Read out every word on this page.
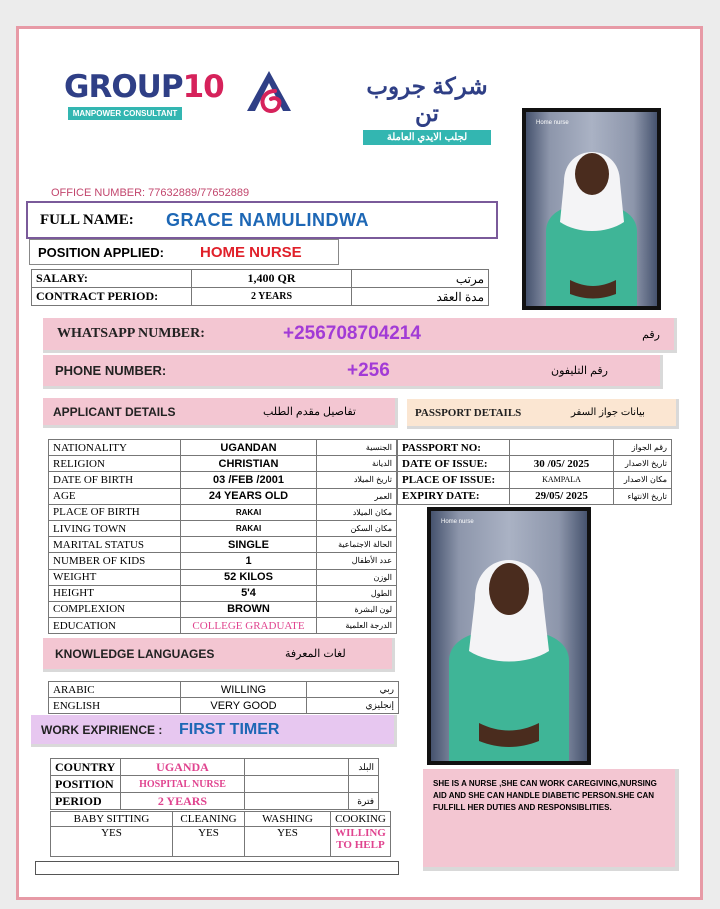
GROUP10
MANPOWER CONSULTANT
شركة جروب تن
لجلب الايدي العاملة
Home nurse
OFFICE NUMBER: 77632889/77652889
FULL NAME:	GRACE NAMULINDWA
POSITION APPLIED:	HOME NURSE
SALARY:	1,400 QR	مرتب
CONTRACT PERIOD:	2 YEARS	مدة العقد
WHATSAPP NUMBER:	+256708704214	رقم
PHONE NUMBER:	+256	رقم التليفون
APPLICANT DETAILS	تفاصيل مقدم الطلب	PASSPORT DETAILS	بيانات جواز السفر
NATIONALITY	UGANDAN	الجنسية
RELIGION	CHRISTIAN	الديانة
DATE OF BIRTH	03 /FEB /2001	تاريخ الميلاد
AGE	24 YEARS OLD	العمر
PLACE OF BIRTH	RAKAI	مكان الميلاد
LIVING TOWN	RAKAI	مكان السكن
MARITAL STATUS	SINGLE	الحالة الاجتماعية
NUMBER OF KIDS	1	عدد الأطفال
WEIGHT	52 KILOS	الوزن
HEIGHT	5'4	الطول
COMPLEXION	BROWN	لون البشرة
EDUCATION	COLLEGE GRADUATE	الدرجة العلمية
PASSPORT NO:		رقم الجواز
DATE OF ISSUE:	30 /05/ 2025	تاريخ الاصدار
PLACE OF ISSUE:	KAMPALA	مكان الاصدار
EXPIRY DATE:	29/05/ 2025	تاريخ الانتهاء
Home nurse
KNOWLEDGE LANGUAGES	لغات المعرفة
ARABIC	WILLING	ربي
ENGLISH	VERY GOOD	إنجليزي
WORK EXPIRIENCE :	FIRST TIMER
COUNTRY	UGANDA		البلد
POSITION	HOSPITAL NURSE		
PERIOD	2 YEARS		فترة
BABY SITTING	CLEANING	WASHING	COOKING
YES	YES	YES	WILLING TO HELP
SHE IS A NURSE ,SHE CAN WORK CAREGIVING,NURSING AID AND SHE CAN HANDLE DIABETIC PERSON.SHE CAN FULFILL HER DUTIES AND RESPONSIBLITIES.
